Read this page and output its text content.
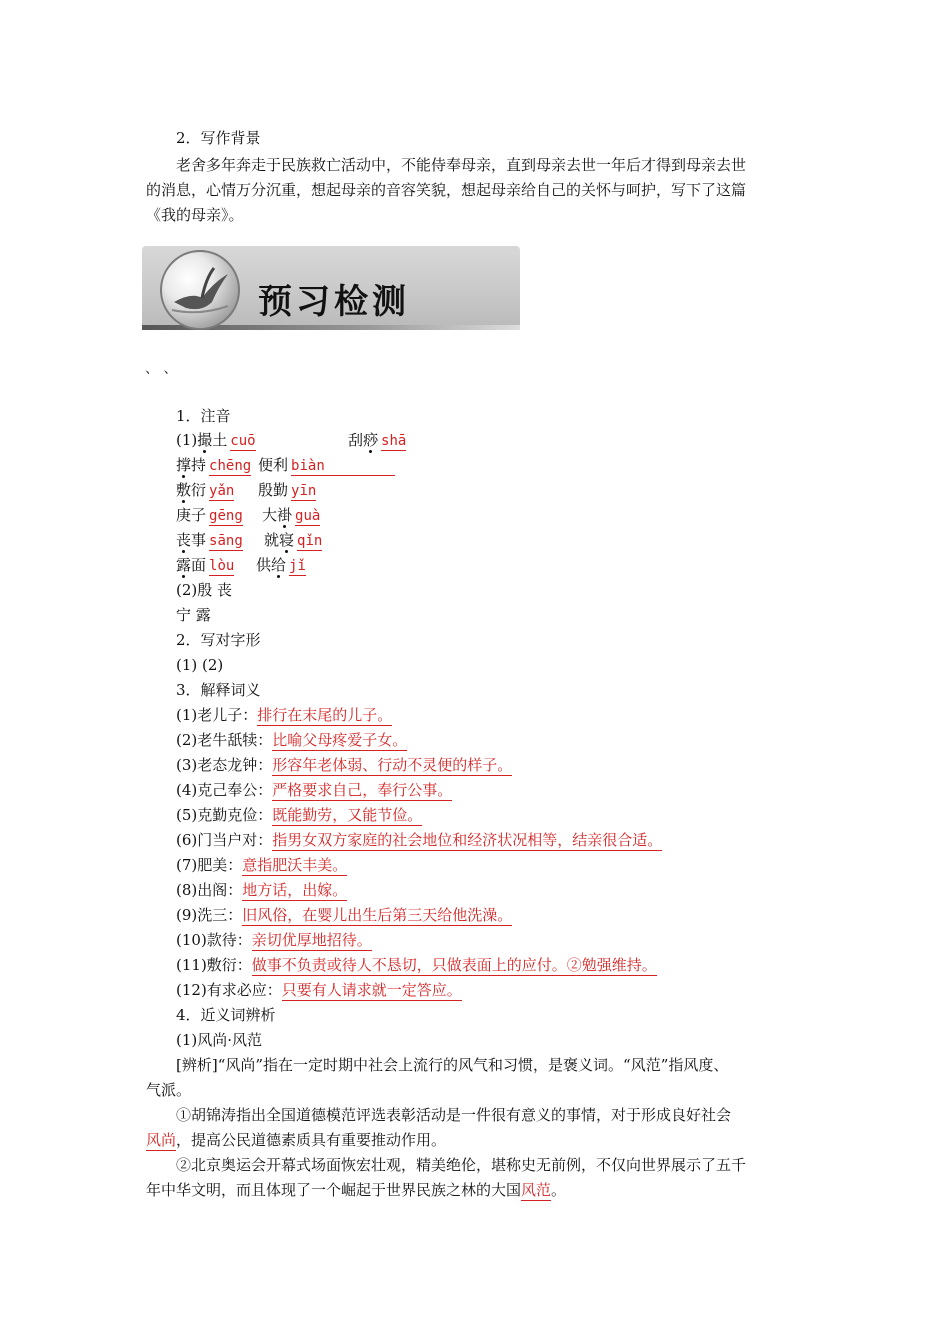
2．写作背景
老舍多年奔走于民族救亡活动中，不能侍奉母亲，直到母亲去世一年后才得到母亲去世
的消息，心情万分沉重，想起母亲的音容笑貌，想起母亲给自己的关怀与呵护，写下了这篇
《我的母亲》。
预习检测
、 、
1．注音
(1)撮土 cuō	刮痧 shā
撑持 chēng 便利 biàn
敷衍 yǎn 殷勤 yīn
庚子 gēng 大褂 guà
丧事 sāng 就寝 qǐn
露面 lòu 供给 jǐ
(2)殷 丧
宁 露
2．写对字形
(1) (2)
3．解释词义
(1)老儿子：排行在末尾的儿子。
(2)老牛舐犊：比喻父母疼爱子女。
(3)老态龙钟：形容年老体弱、行动不灵便的样子。
(4)克己奉公：严格要求自己，奉行公事。
(5)克勤克俭：既能勤劳，又能节俭。
(6)门当户对：指男女双方家庭的社会地位和经济状况相等，结亲很合适。
(7)肥美：意指肥沃丰美。
(8)出阁：地方话，出嫁。
(9)洗三：旧风俗，在婴儿出生后第三天给他洗澡。
(10)款待：亲切优厚地招待。
(11)敷衍：做事不负责或待人不恳切，只做表面上的应付。②勉强维持。
(12)有求必应：只要有人请求就一定答应。
4．近义词辨析
(1)风尚·风范
[辨析]“风尚”指在一定时期中社会上流行的风气和习惯，是褒义词。“风范”指风度、
气派。
①胡锦涛指出全国道德模范评选表彰活动是一件很有意义的事情，对于形成良好社会
风尚，提高公民道德素质具有重要推动作用。
②北京奥运会开幕式场面恢宏壮观，精美绝伦，堪称史无前例，不仅向世界展示了五千
年中华文明，而且体现了一个崛起于世界民族之林的大国风范。
